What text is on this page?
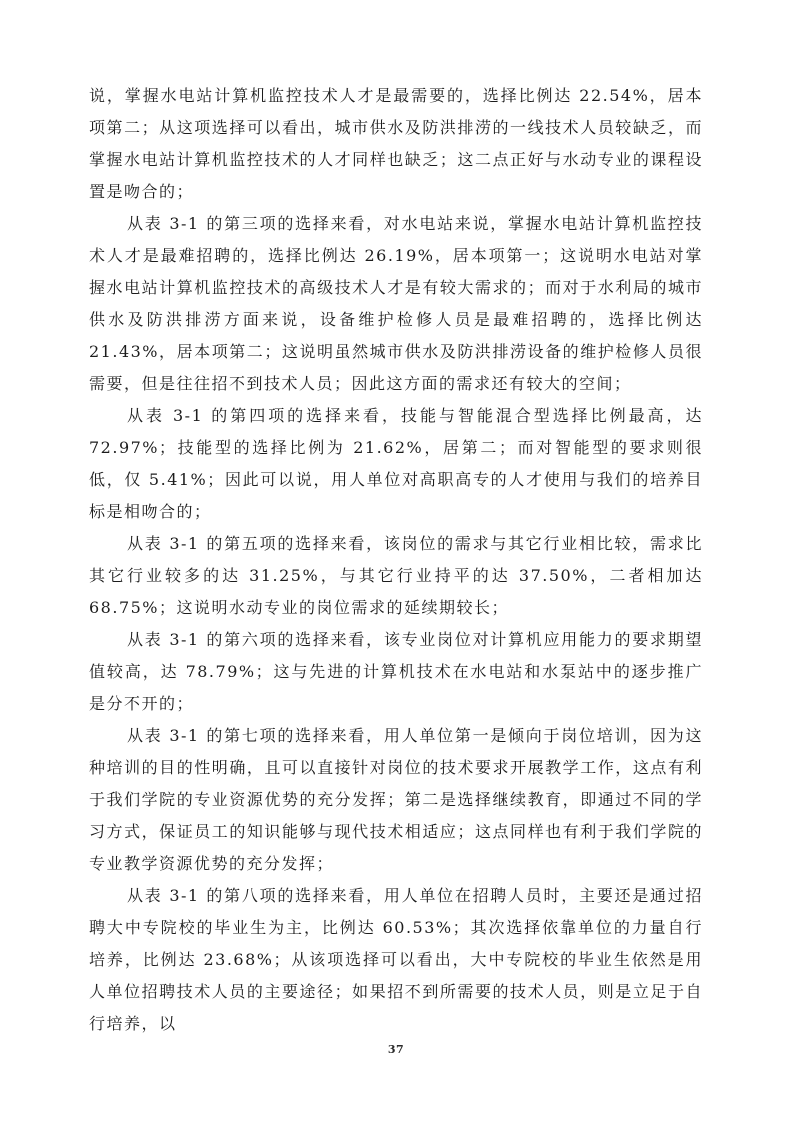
说，掌握水电站计算机监控技术人才是最需要的，选择比例达 22.54%，居本项第二；从这项选择可以看出，城市供水及防洪排涝的一线技术人员较缺乏，而掌握水电站计算机监控技术的人才同样也缺乏；这二点正好与水动专业的课程设置是吻合的；

从表 3-1 的第三项的选择来看，对水电站来说，掌握水电站计算机监控技术人才是最难招聘的，选择比例达 26.19%，居本项第一；这说明水电站对掌握水电站计算机监控技术的高级技术人才是有较大需求的；而对于水利局的城市供水及防洪排涝方面来说，设备维护检修人员是最难招聘的，选择比例达 21.43%，居本项第二；这说明虽然城市供水及防洪排涝设备的维护检修人员很需要，但是往往招不到技术人员；因此这方面的需求还有较大的空间；

从表 3-1 的第四项的选择来看，技能与智能混合型选择比例最高，达 72.97%；技能型的选择比例为 21.62%，居第二；而对智能型的要求则很低，仅 5.41%；因此可以说，用人单位对高职高专的人才使用与我们的培养目标是相吻合的；

从表 3-1 的第五项的选择来看，该岗位的需求与其它行业相比较，需求比其它行业较多的达 31.25%，与其它行业持平的达 37.50%，二者相加达 68.75%；这说明水动专业的岗位需求的延续期较长；

从表 3-1 的第六项的选择来看，该专业岗位对计算机应用能力的要求期望值较高，达 78.79%；这与先进的计算机技术在水电站和水泵站中的逐步推广是分不开的；

从表 3-1 的第七项的选择来看，用人单位第一是倾向于岗位培训，因为这种培训的目的性明确，且可以直接针对岗位的技术要求开展教学工作，这点有利于我们学院的专业资源优势的充分发挥；第二是选择继续教育，即通过不同的学习方式，保证员工的知识能够与现代技术相适应；这点同样也有利于我们学院的专业教学资源优势的充分发挥；

从表 3-1 的第八项的选择来看，用人单位在招聘人员时，主要还是通过招聘大中专院校的毕业生为主，比例达 60.53%；其次选择依靠单位的力量自行培养，比例达 23.68%；从该项选择可以看出，大中专院校的毕业生依然是用人单位招聘技术人员的主要途径；如果招不到所需要的技术人员，则是立足于自行培养，以

37
